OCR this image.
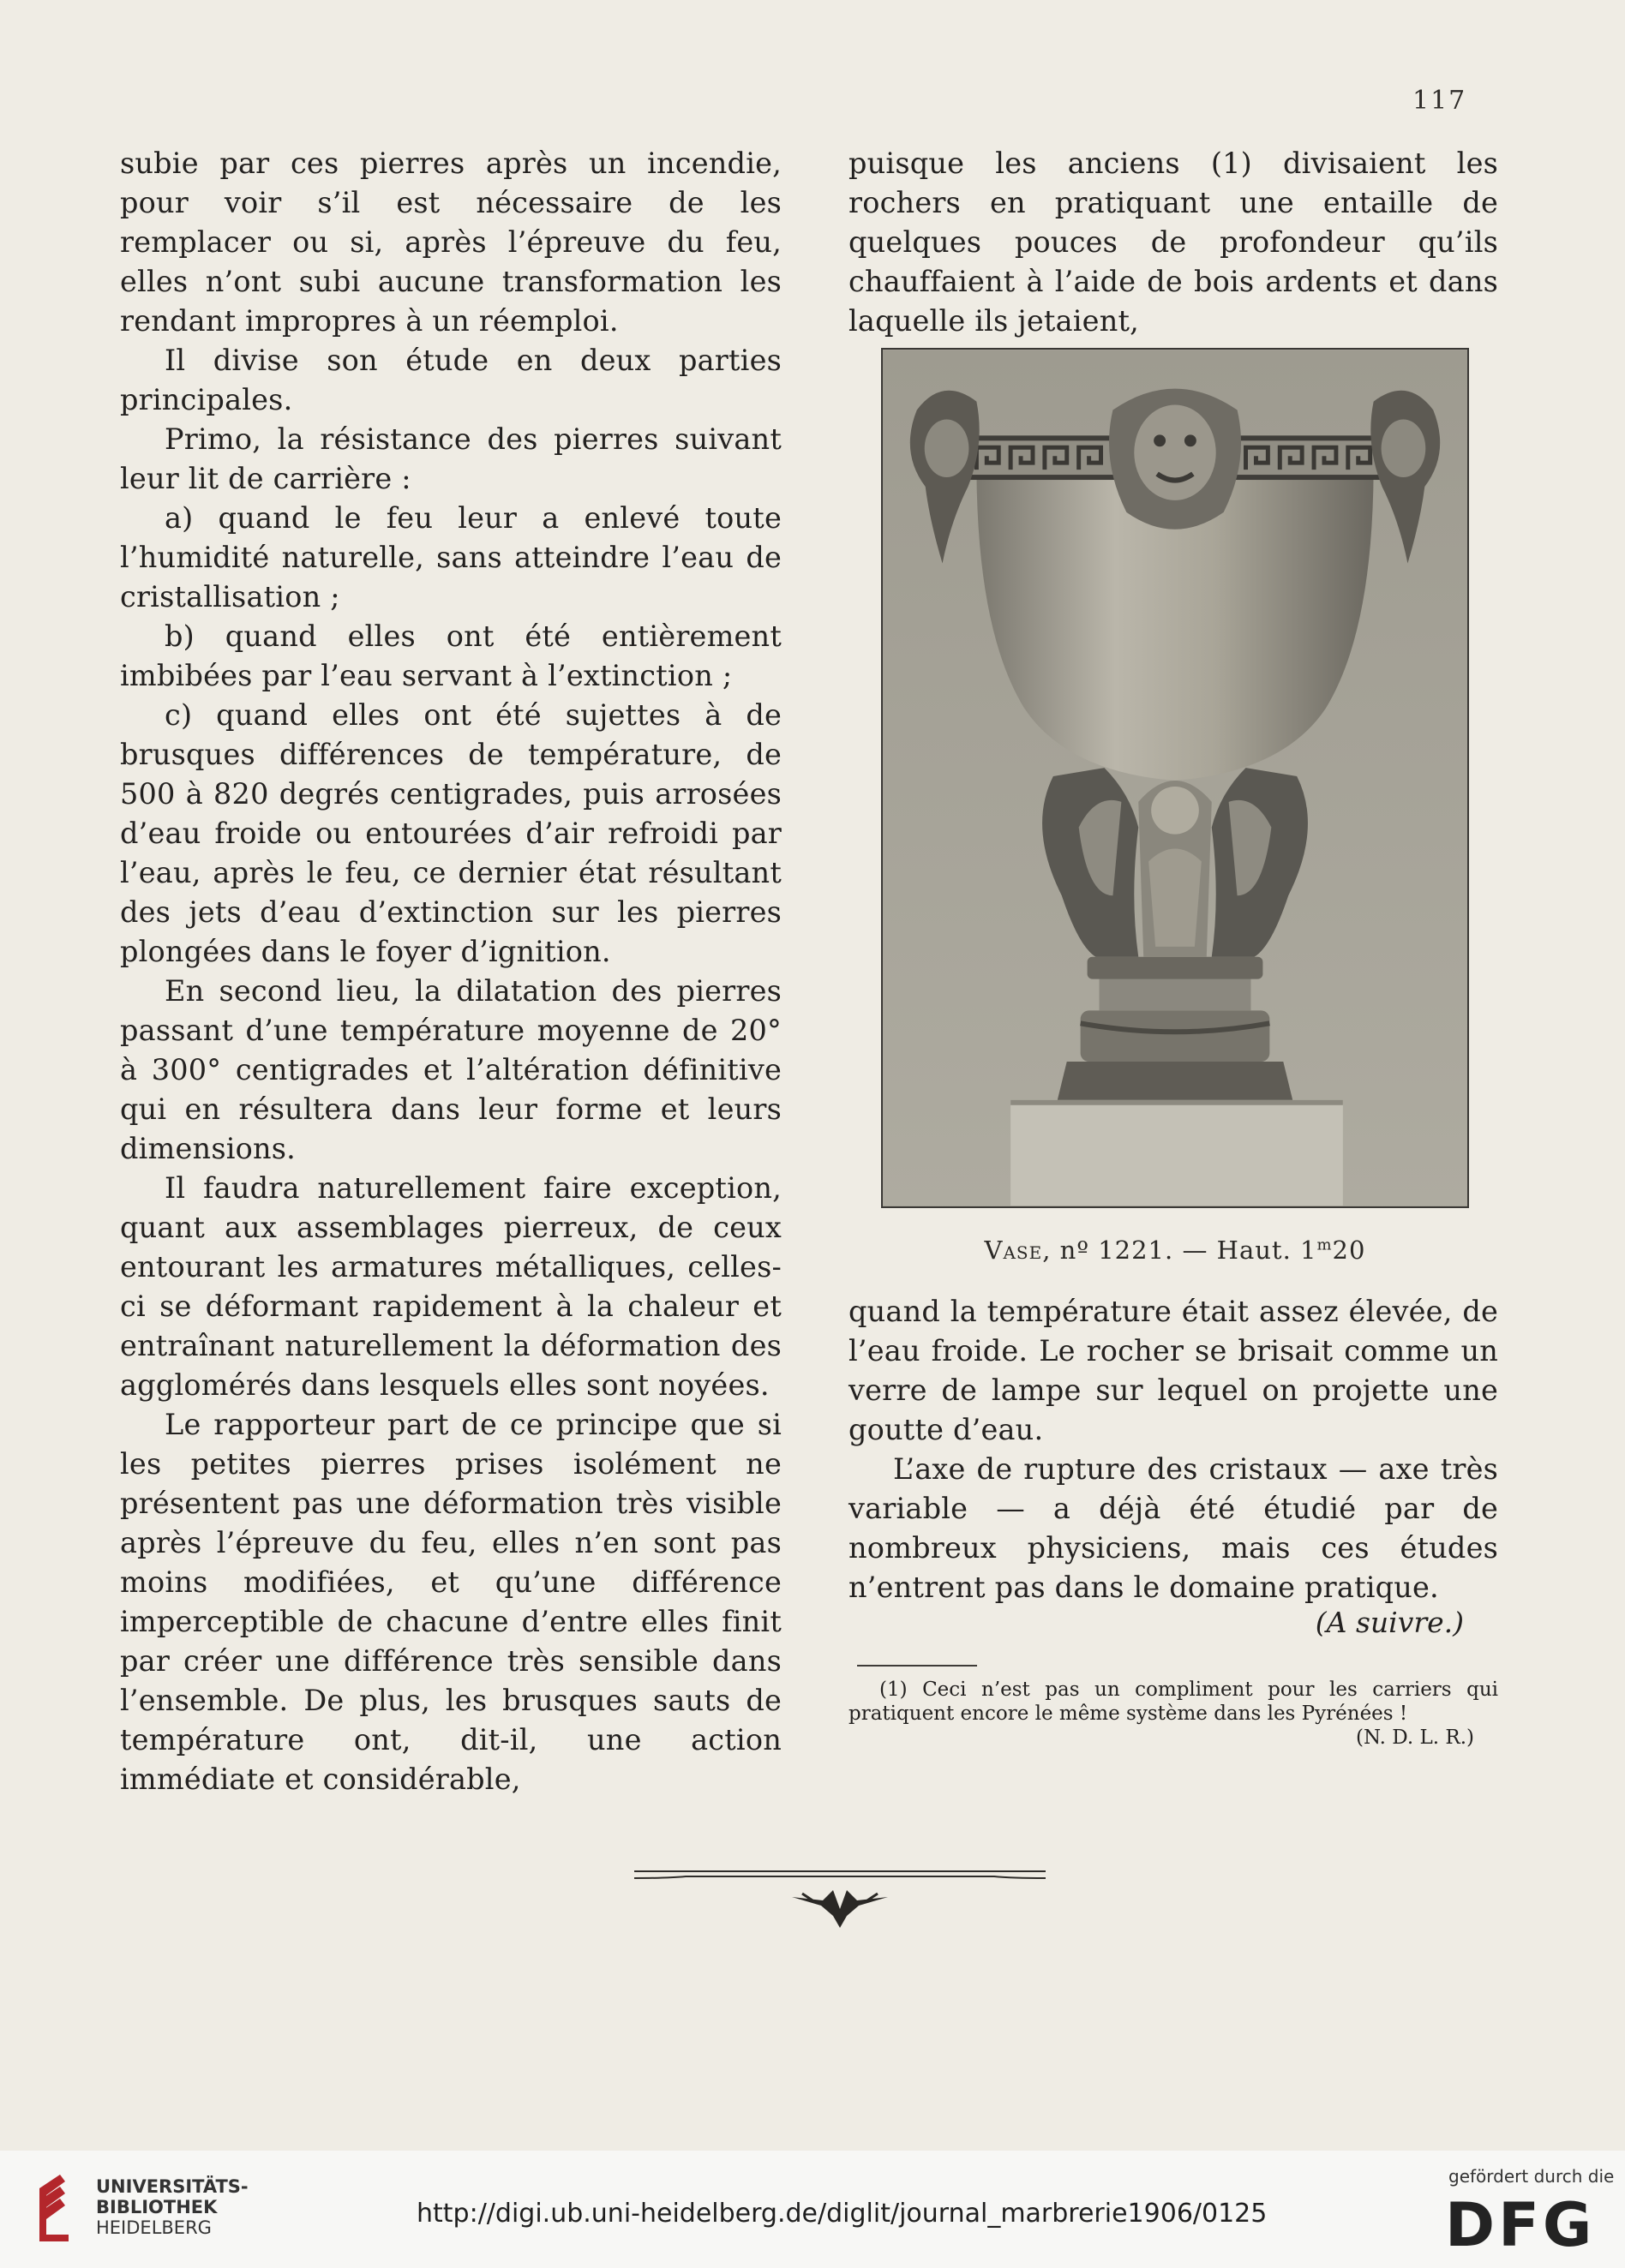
117

subie par ces pierres après un incendie, pour voir s’il est nécessaire de les remplacer ou si, après l’épreuve du feu, elles n’ont subi aucune transformation les rendant impropres à un réemploi.

Il divise son étude en deux parties principales.

Primo, la résistance des pierres suivant leur lit de carrière :

a) quand le feu leur a enlevé toute l’humidité naturelle, sans atteindre l’eau de cristallisation ;

b) quand elles ont été entièrement imbibées par l’eau servant à l’extinction ;

c) quand elles ont été sujettes à de brusques différences de température, de 500 à 820 degrés centigrades, puis arrosées d’eau froide ou entourées d’air refroidi par l’eau, après le feu, ce dernier état résultant des jets d’eau d’extinction sur les pierres plongées dans le foyer d’ignition.

En second lieu, la dilatation des pierres passant d’une température moyenne de 20° à 300° centigrades et l’altération définitive qui en résultera dans leur forme et leurs dimensions.

Il faudra naturellement faire exception, quant aux assemblages pierreux, de ceux entourant les armatures métalliques, celles-ci se déformant rapidement à la chaleur et entraînant naturellement la déformation des agglomérés dans lesquels elles sont noyées.

Le rapporteur part de ce principe que si les petites pierres prises isolément ne présentent pas une déformation très visible après l’épreuve du feu, elles n’en sont pas moins modifiées, et qu’une différence imperceptible de chacune d’entre elles finit par créer une différence très sensible dans l’ensemble. De plus, les brusques sauts de température ont, dit-il, une action immédiate et considérable,

puisque les anciens (1) divisaient les rochers en pratiquant une entaille de quelques pouces de profondeur qu’ils chauffaient à l’aide de bois ardents et dans laquelle ils jetaient,

Vase, nº 1221. — Haut. 1$^m$20

quand la température était assez élevée, de l’eau froide. Le rocher se brisait comme un verre de lampe sur lequel on projette une goutte d’eau.

L’axe de rupture des cristaux — axe très variable — a déjà été étudié par de nombreux physiciens, mais ces études n’entrent pas dans le domaine pratique.

(A suivre.)

(1) Ceci n’est pas un compliment pour les carriers qui pratiquent encore le même système dans les Pyrénées !

(N. D. L. R.)

UNIVERSITÄTS-
BIBLIOTHEK
HEIDELBERG	http://digi.ub.uni-heidelberg.de/diglit/journal_marbrerie1906/0125
gefördert durch die
DFG
